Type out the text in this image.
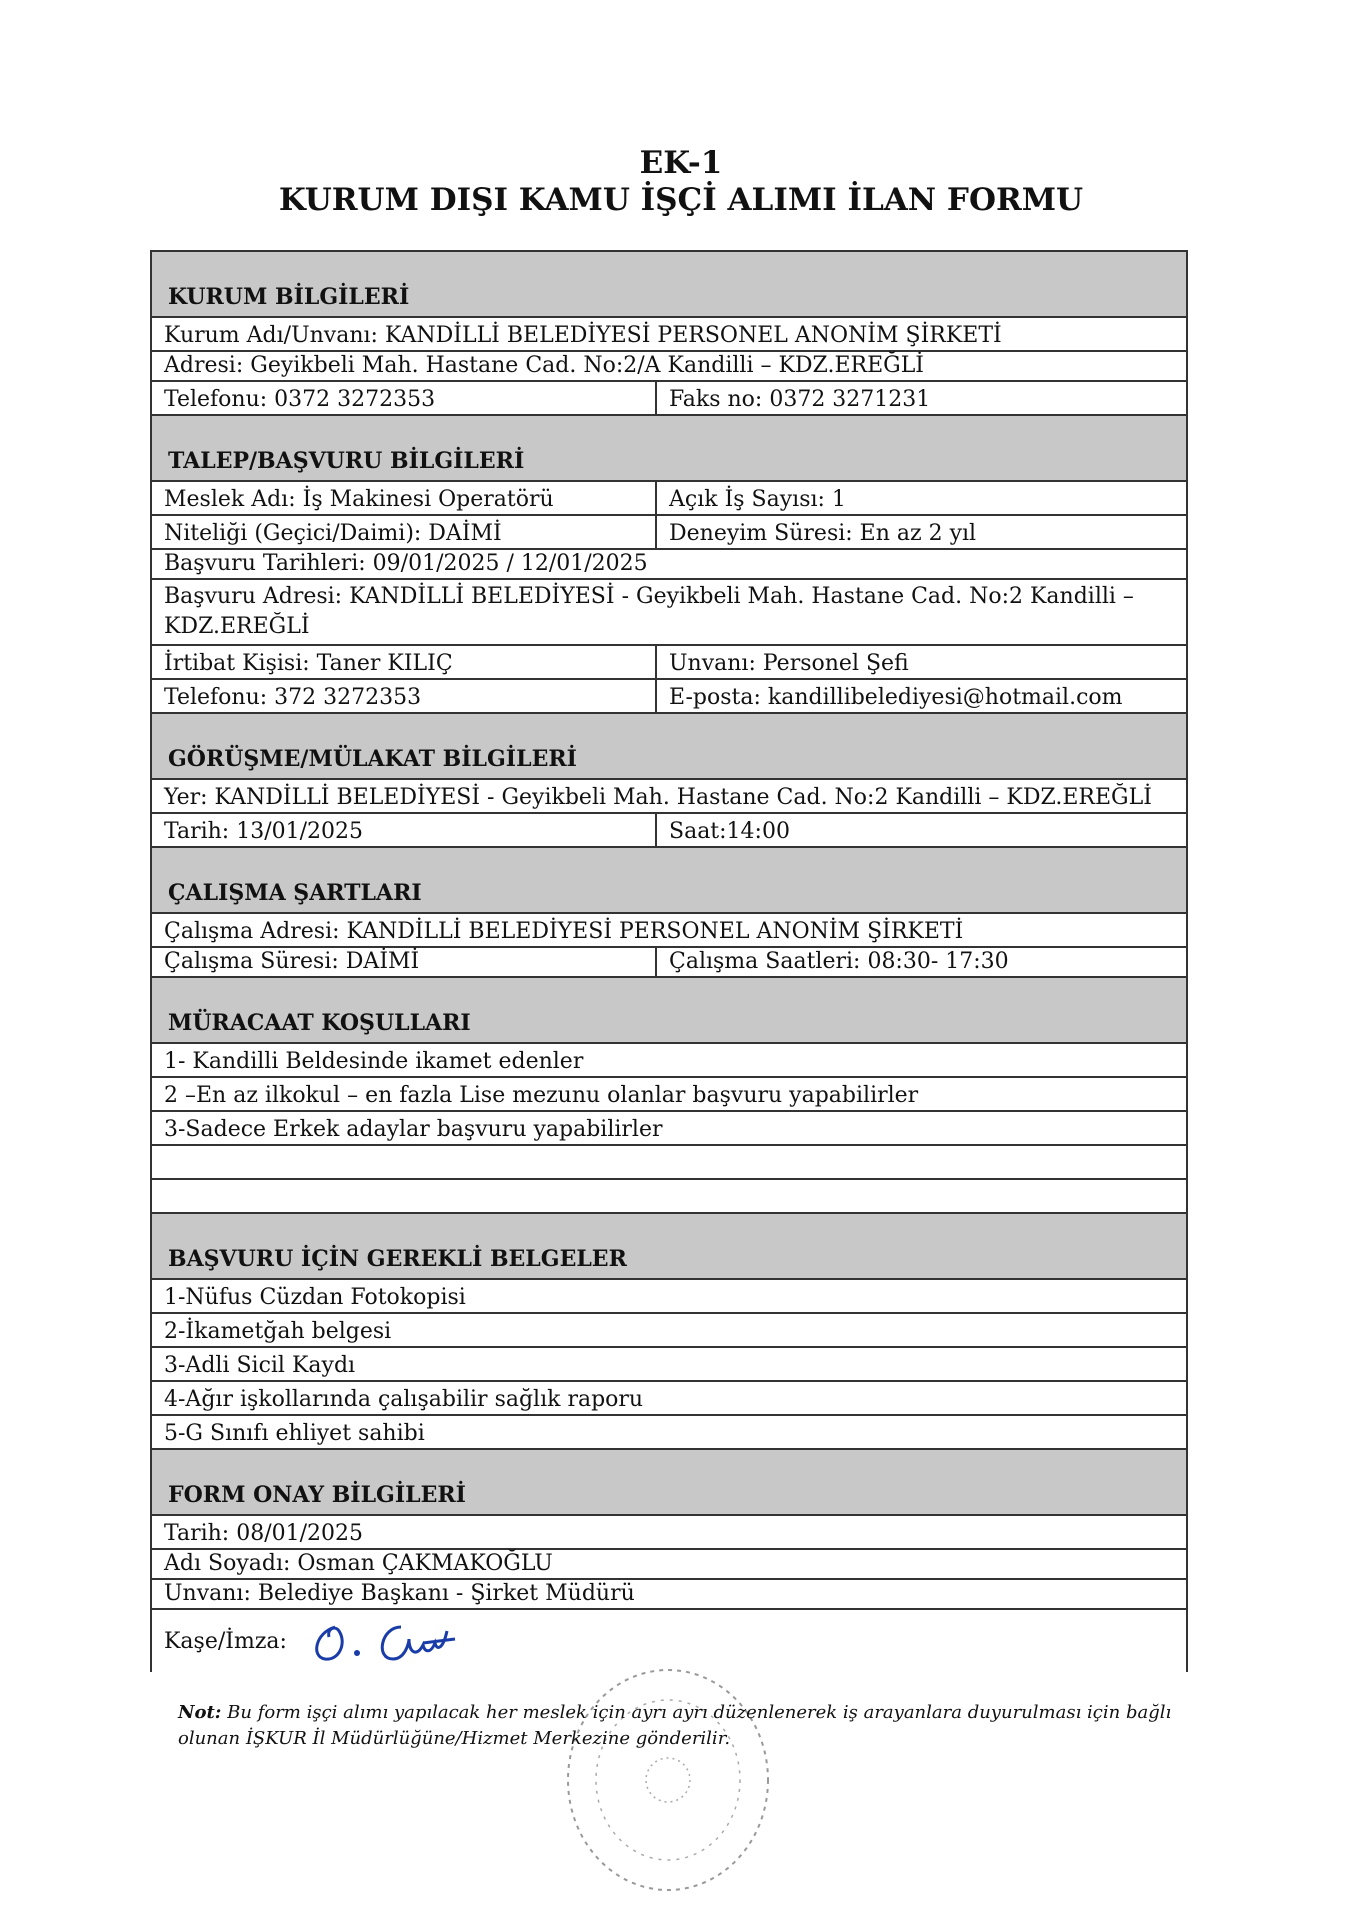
EK-1
KURUM DIŞI KAMU İŞÇİ ALIMI İLAN FORMU
KURUM BİLGİLERİ
Kurum Adı/Unvanı: KANDİLLİ BELEDİYESİ PERSONEL ANONİM ŞİRKETİ
Adresi: Geyikbeli Mah. Hastane Cad. No:2/A Kandilli – KDZ.EREĞLİ
Telefonu: 0372 3272353	Faks no: 0372 3271231
TALEP/BAŞVURU BİLGİLERİ
Meslek Adı: İş Makinesi Operatörü	Açık İş Sayısı: 1
Niteliği (Geçici/Daimi): DAİMİ	Deneyim Süresi: En az 2 yıl
Başvuru Tarihleri: 09/01/2025 / 12/01/2025
Başvuru Adresi: KANDİLLİ BELEDİYESİ - Geyikbeli Mah. Hastane Cad. No:2 Kandilli – KDZ.EREĞLİ
İrtibat Kişisi: Taner KILIÇ	Unvanı: Personel Şefi
Telefonu: 372 3272353	E-posta: kandillibelediyesi@hotmail.com
GÖRÜŞME/MÜLAKAT BİLGİLERİ
Yer: KANDİLLİ BELEDİYESİ - Geyikbeli Mah. Hastane Cad. No:2 Kandilli – KDZ.EREĞLİ
Tarih: 13/01/2025	Saat:14:00
ÇALIŞMA ŞARTLARI
Çalışma Adresi: KANDİLLİ BELEDİYESİ PERSONEL ANONİM ŞİRKETİ
Çalışma Süresi: DAİMİ	Çalışma Saatleri: 08:30- 17:30
MÜRACAAT KOŞULLARI
1- Kandilli Beldesinde ikamet edenler
2 –En az ilkokul – en fazla Lise mezunu olanlar başvuru yapabilirler
3-Sadece Erkek adaylar başvuru yapabilirler
BAŞVURU İÇİN GEREKLİ BELGELER
1-Nüfus Cüzdan Fotokopisi
2-İkametğah belgesi
3-Adli Sicil Kaydı
4-Ağır işkollarında çalışabilir sağlık raporu
5-G Sınıfı ehliyet sahibi
FORM ONAY BİLGİLERİ
Tarih: 08/01/2025
Adı Soyadı: Osman ÇAKMAKOĞLU
Unvanı: Belediye Başkanı - Şirket Müdürü
Kaşe/İmza:
Not: Bu form işçi alımı yapılacak her meslek için ayrı ayrı düzenlenerek iş arayanlara duyurulması için bağlı olunan İŞKUR İl Müdürlüğüne/Hizmet Merkezine gönderilir.
